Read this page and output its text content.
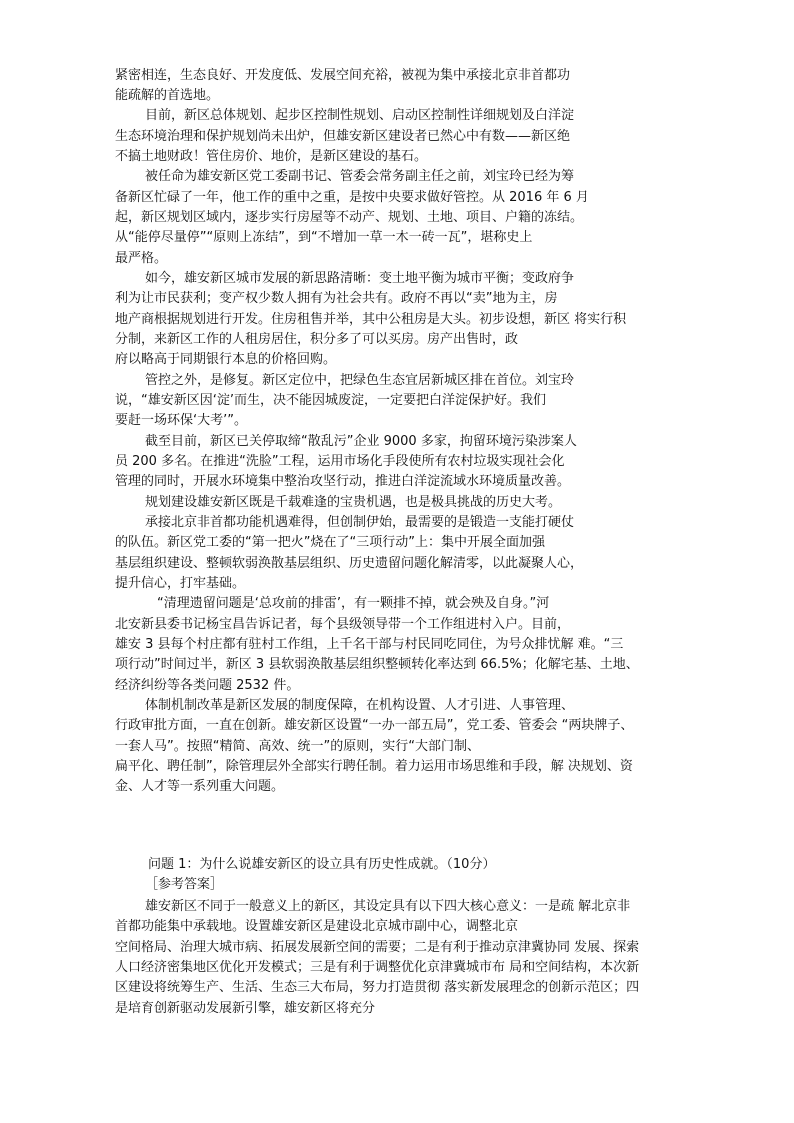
紧密相连，生态良好、开发度低、发展空间充裕，被视为集中承接北京非首都功
能疏解的首选地。
目前，新区总体规划、起步区控制性规划、启动区控制性详细规划及白洋淀
生态环境治理和保护规划尚未出炉，但雄安新区建设者已然心中有数——新区绝
不搞土地财政！管住房价、地价，是新区建设的基石。
被任命为雄安新区党工委副书记、管委会常务副主任之前，刘宝玲已经为筹
备新区忙碌了一年，他工作的重中之重，是按中央要求做好管控。从 2016 年 6 月
起，新区规划区域内，逐步实行房屋等不动产、规划、土地、项目、户籍的冻结。
从“能停尽量停”“原则上冻结”，到“不增加一草一木一砖一瓦”，堪称史上
最严格。
如今，雄安新区城市发展的新思路清晰：变土地平衡为城市平衡；变政府争
利为让市民获利；变产权少数人拥有为社会共有。政府不再以“卖”地为主，房
地产商根据规划进行开发。住房租售并举，其中公租房是大头。初步设想，新区 将实行积
分制，来新区工作的人租房居住，积分多了可以买房。房产出售时，政
府以略高于同期银行本息的价格回购。
管控之外，是修复。新区定位中，把绿色生态宜居新城区排在首位。刘宝玲
说，“雄安新区因‘淀’而生，决不能因城废淀，一定要把白洋淀保护好。我们
要赶一场环保‘大考’”。
截至目前，新区已关停取缔“散乱污”企业 9000 多家，拘留环境污染涉案人
员 200 多名。在推进“洗脸”工程，运用市场化手段使所有农村垃圾实现社会化
管理的同时，开展水环境集中整治攻坚行动，推进白洋淀流域水环境质量改善。
规划建设雄安新区既是千载难逢的宝贵机遇，也是极具挑战的历史大考。
承接北京非首都功能机遇难得，但创制伊始，最需要的是锻造一支能打硬仗
的队伍。新区党工委的“第一把火”烧在了“三项行动”上：集中开展全面加强
基层组织建设、整顿软弱涣散基层组织、历史遗留问题化解清零，以此凝聚人心，
提升信心，打牢基础。
“清理遗留问题是‘总攻前的排雷’，有一颗排不掉，就会殃及自身。”河
北安新县委书记杨宝昌告诉记者，每个县级领导带一个工作组进村入户。目前，
雄安 3 县每个村庄都有驻村工作组，上千名干部与村民同吃同住，为号众排忧解 难。“三
项行动”时间过半，新区 3 县软弱涣散基层组织整顿转化率达到 66.5%；化解宅基、土地、
经济纠纷等各类问题 2532 件。
体制机制改革是新区发展的制度保障，在机构设置、人才引进、人事管理、
行政审批方面，一直在创新。雄安新区设置“一办一部五局”，党工委、管委会 “两块牌子、
一套人马”。按照“精简、高效、统一”的原则，实行“大部门制、
扁平化、聘任制”，除管理层外全部实行聘任制。着力运用市场思维和手段，解 决规划、资
金、人才等一系列重大问题。
问题 1：为什么说雄安新区的设立具有历史性成就。（10分）
［参考答案］
雄安新区不同于一般意义上的新区，其设定具有以下四大核心意义：一是疏 解北京非
首都功能集中承载地。设置雄安新区是建设北京城市副中心，调整北京
空间格局、治理大城市病、拓展发展新空间的需要；二是有利于推动京津冀协同 发展、探索
人口经济密集地区优化开发模式；三是有利于调整优化京津冀城市布 局和空间结构，本次新
区建设将统筹生产、生活、生态三大布局，努力打造贯彻 落实新发展理念的创新示范区；四
是培育创新驱动发展新引擎，雄安新区将充分
